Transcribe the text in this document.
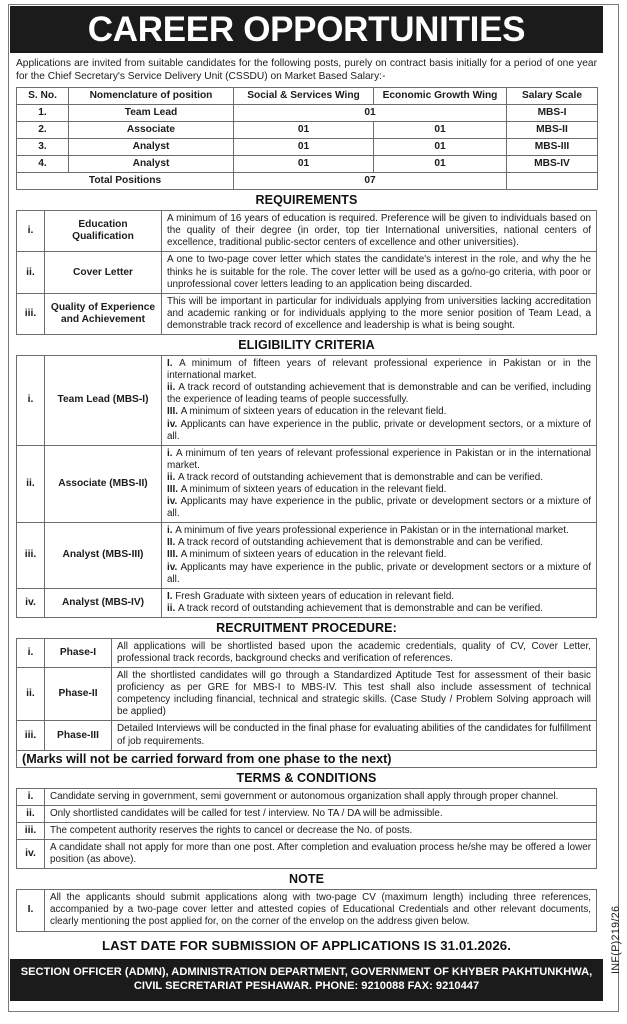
CAREER OPPORTUNITIES
Applications are invited from suitable candidates for the following posts, purely on contract basis initially for a period of one year for the Chief Secretary's Service Delivery Unit (CSSDU) on Market Based Salary:-
S. No.	Nomenclature of position	Social & Services Wing	Economic Growth Wing	Salary Scale
1.	Team Lead	01		MBS-I
2.	Associate	01	01	MBS-II
3.	Analyst	01	01	MBS-III
4.	Analyst	01	01	MBS-IV
Total Positions		07		
REQUIREMENTS
i.	Education Qualification	A minimum of 16 years of education is required. Preference will be given to individuals based on the quality of their degree (in order, top tier International universities, national centers of excellence, traditional public-sector centers of excellence and other universities).
ii.	Cover Letter	A one to two-page cover letter which states the candidate's interest in the role, and why the he thinks he is suitable for the role. The cover letter will be used as a go/no-go criteria, with poor or unprofessional cover letters leading to an application being discarded.
iii.	Quality of Experience and Achievement	This will be important in particular for individuals applying from universities lacking accreditation and academic ranking or for individuals applying to the more senior position of Team Lead, a demonstrable track record of excellence and leadership is what is being sought.
ELIGIBILITY CRITERIA
i.	Team Lead (MBS-I)	I. A minimum of fifteen years of relevant professional experience in Pakistan or in the international market.
ii. A track record of outstanding achievement that is demonstrable and can be verified, including the experience of leading teams of people successfully.
III. A minimum of sixteen years of education in the relevant field.
iv. Applicants can have experience in the public, private or development sectors, or a mixture of all.

ii.	Associate (MBS-II)	i. A minimum of ten years of relevant professional experience in Pakistan or in the international market.
ii. A track record of outstanding achievement that is demonstrable and can be verified.
III. A minimum of sixteen years of education in the relevant field.
iv. Applicants may have experience in the public, private or development sectors or a mixture of all.

iii.	Analyst (MBS-III)	i. A minimum of five years professional experience in Pakistan or in the international market.
II. A track record of outstanding achievement that is demonstrable and can be verified.
III. A minimum of sixteen years of education in the relevant field.
iv. Applicants may have experience in the public, private or development sectors or a mixture of all.

iv.	Analyst (MBS-IV)	I. Fresh Graduate with sixteen years of education in relevant field.
ii. A track record of outstanding achievement that is demonstrable and can be verified.
RECRUITMENT PROCEDURE:
i.	Phase-I	All applications will be shortlisted based upon the academic credentials, quality of CV, Cover Letter, professional track records, background checks and verification of references.
ii.	Phase-II	All the shortlisted candidates will go through a Standardized Aptitude Test for assessment of their basic proficiency as per GRE for MBS-I to MBS-IV. This test shall also include assessment of technical competency including financial, technical and strategic skills. (Case Study / Problem Solving approach will be applied)
iii.	Phase-III	Detailed Interviews will be conducted in the final phase for evaluating abilities of the candidates for fulfillment of job requirements.
(Marks will not be carried forward from one phase to the next)		
TERMS & CONDITIONS
i.	Candidate serving in government, semi government or autonomous organization shall apply through proper channel.
ii.	Only shortlisted candidates will be called for test / interview. No TA / DA will be admissible.
iii.	The competent authority reserves the rights to cancel or decrease the No. of posts.
iv.	A candidate shall not apply for more than one post. After completion and evaluation process he/she may be offered a lower position (as above).
NOTE
I.	All the applicants should submit applications along with two-page CV (maximum length) including three references, accompanied by a two-page cover letter and attested copies of Educational Credentials and other relevant documents, clearly mentioning the post applied for, on the corner of the envelop on the address given below.
LAST DATE FOR SUBMISSION OF APPLICATIONS IS 31.01.2026.
SECTION OFFICER (ADMN), ADMINISTRATION DEPARTMENT, GOVERNMENT OF KHYBER PAKHTUNKHWA,
CIVIL SECRETARIAT PESHAWAR. PHONE: 9210088 FAX: 9210447
INF(P)219/26
